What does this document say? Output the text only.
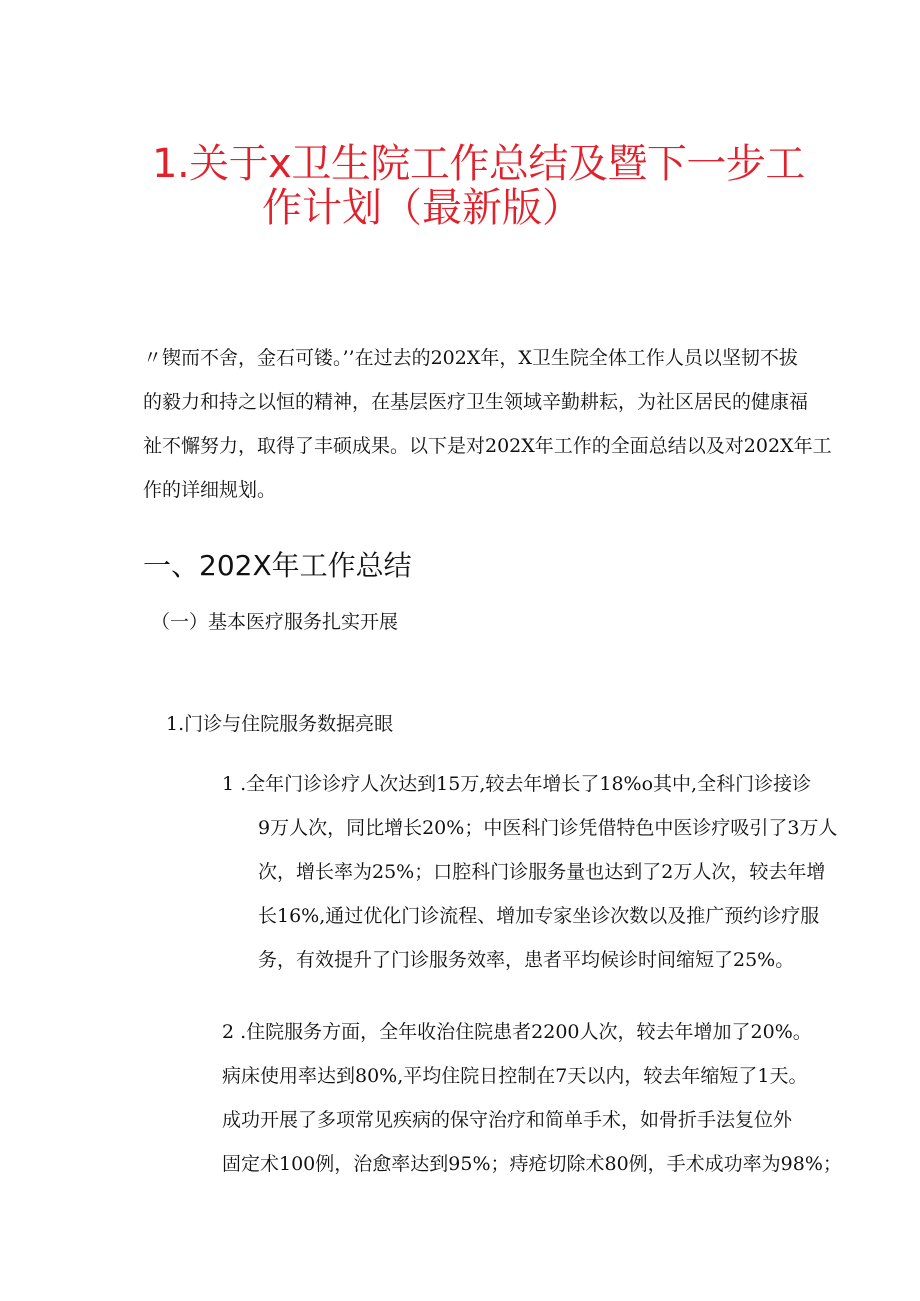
1.关于x卫生院工作总结及暨下一步工
作计划（最新版）
〃锲而不舍，金石可镂。’’在过去的202X年，X卫生院全体工作人员以坚韧不拔
的毅力和持之以恒的精神，在基层医疗卫生领域辛勤耕耘，为社区居民的健康福
祉不懈努力，取得了丰硕成果。以下是对202X年工作的全面总结以及对202X年工
作的详细规划。
一、202X年工作总结
（一）基本医疗服务扎实开展
1.门诊与住院服务数据亮眼
1 .全年门诊诊疗人次达到15万,较去年增长了18%o其中,全科门诊接诊
9万人次，同比增长20%；中医科门诊凭借特色中医诊疗吸引了3万人
次，增长率为25%；口腔科门诊服务量也达到了2万人次，较去年增
长16%,通过优化门诊流程、增加专家坐诊次数以及推广预约诊疗服
务，有效提升了门诊服务效率，患者平均候诊时间缩短了25%。
2 .住院服务方面，全年收治住院患者2200人次，较去年增加了20%。
病床使用率达到80%,平均住院日控制在7天以内，较去年缩短了1天。
成功开展了多项常见疾病的保守治疗和简单手术，如骨折手法复位外
固定术100例，治愈率达到95%；痔疮切除术80例，手术成功率为98%；
